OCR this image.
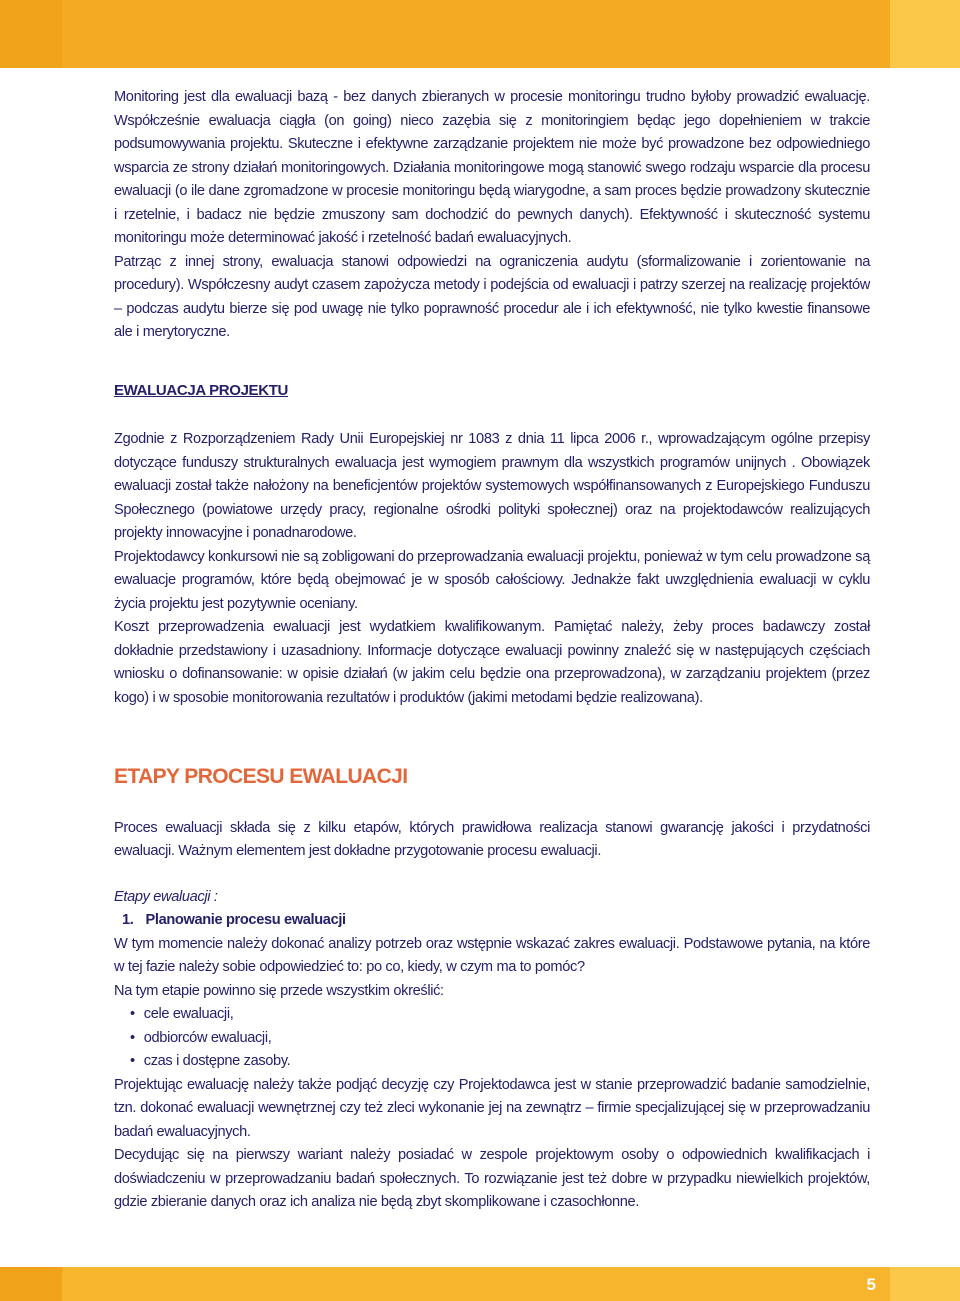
Monitoring jest dla ewaluacji bazą - bez danych zbieranych w procesie monitoringu trudno byłoby prowadzić ewaluację. Współcześnie ewaluacja ciągła (on going) nieco zazębia się z monitoringiem będąc jego dopełnieniem w trakcie podsumowywania projektu. Skuteczne i efektywne zarządzanie projektem nie może być prowadzone bez odpowiedniego wsparcia ze strony działań monitoringowych. Działania monitoringowe mogą stanowić swego rodzaju wsparcie dla procesu ewaluacji (o ile dane zgromadzone w procesie monitoringu będą wiarygodne, a sam proces będzie prowadzony skutecznie i rzetelnie, i badacz nie będzie zmuszony sam dochodzić do pewnych danych). Efektywność i skuteczność systemu monitoringu może determinować jakość i rzetelność badań ewaluacyjnych.

Patrząc z innej strony, ewaluacja stanowi odpowiedzi na ograniczenia audytu (sformalizowanie i zorientowanie na procedury). Współczesny audyt czasem zapożycza metody i podejścia od ewaluacji i patrzy szerzej na realizację projektów – podczas audytu bierze się pod uwagę nie tylko poprawność procedur ale i ich efektywność, nie tylko kwestie finansowe ale i merytoryczne.

EWALUACJA PROJEKTU

Zgodnie z Rozporządzeniem Rady Unii Europejskiej nr 1083 z dnia 11 lipca 2006 r., wprowadzającym ogólne przepisy dotyczące funduszy strukturalnych ewaluacja jest wymogiem prawnym dla wszystkich programów unijnych . Obowiązek ewaluacji został także nałożony na beneficjentów projektów systemowych współfinansowanych z Europejskiego Funduszu Społecznego (powiatowe urzędy pracy, regionalne ośrodki polityki społecznej) oraz na projektodawców realizujących projekty innowacyjne i ponadnarodowe.

Projektodawcy konkursowi nie są zobligowani do przeprowadzania ewaluacji projektu, ponieważ w tym celu prowadzone są ewaluacje programów, które będą obejmować je w sposób całościowy. Jednakże fakt uwzględnienia ewaluacji w cyklu życia projektu jest pozytywnie oceniany.

Koszt przeprowadzenia ewaluacji jest wydatkiem kwalifikowanym. Pamiętać należy, żeby proces badawczy został dokładnie przedstawiony i uzasadniony. Informacje dotyczące ewaluacji powinny znaleźć się w następujących częściach wniosku o dofinansowanie: w opisie działań (w jakim celu będzie ona przeprowadzona), w zarządzaniu projektem (przez kogo) i w sposobie monitorowania rezultatów i produktów (jakimi metodami będzie realizowana).

ETAPY PROCESU EWALUACJI

Proces ewaluacji składa się z kilku etapów, których prawidłowa realizacja stanowi gwarancję jakości i przydatności ewaluacji. Ważnym elementem jest dokładne przygotowanie procesu ewaluacji.

Etapy ewaluacji :

1. Planowanie procesu ewaluacji

W tym momencie należy dokonać analizy potrzeb oraz wstępnie wskazać zakres ewaluacji. Podstawowe pytania, na które w tej fazie należy sobie odpowiedzieć to: po co, kiedy, w czym ma to pomóc?

Na tym etapie powinno się przede wszystkim określić:

• cele ewaluacji,
• odbiorców ewaluacji,
• czas i dostępne zasoby.

Projektując ewaluację należy także podjąć decyzję czy Projektodawca jest w stanie przeprowadzić badanie samodzielnie, tzn. dokonać ewaluacji wewnętrznej czy też zleci wykonanie jej na zewnątrz – firmie specjalizującej się w przeprowadzaniu badań ewaluacyjnych.

Decydując się na pierwszy wariant należy posiadać w zespole projektowym osoby o odpowiednich kwalifikacjach i doświadczeniu w przeprowadzaniu badań społecznych. To rozwiązanie jest też dobre w przypadku niewielkich projektów, gdzie zbieranie danych oraz ich analiza nie będą zbyt skomplikowane i czasochłonne.

5
